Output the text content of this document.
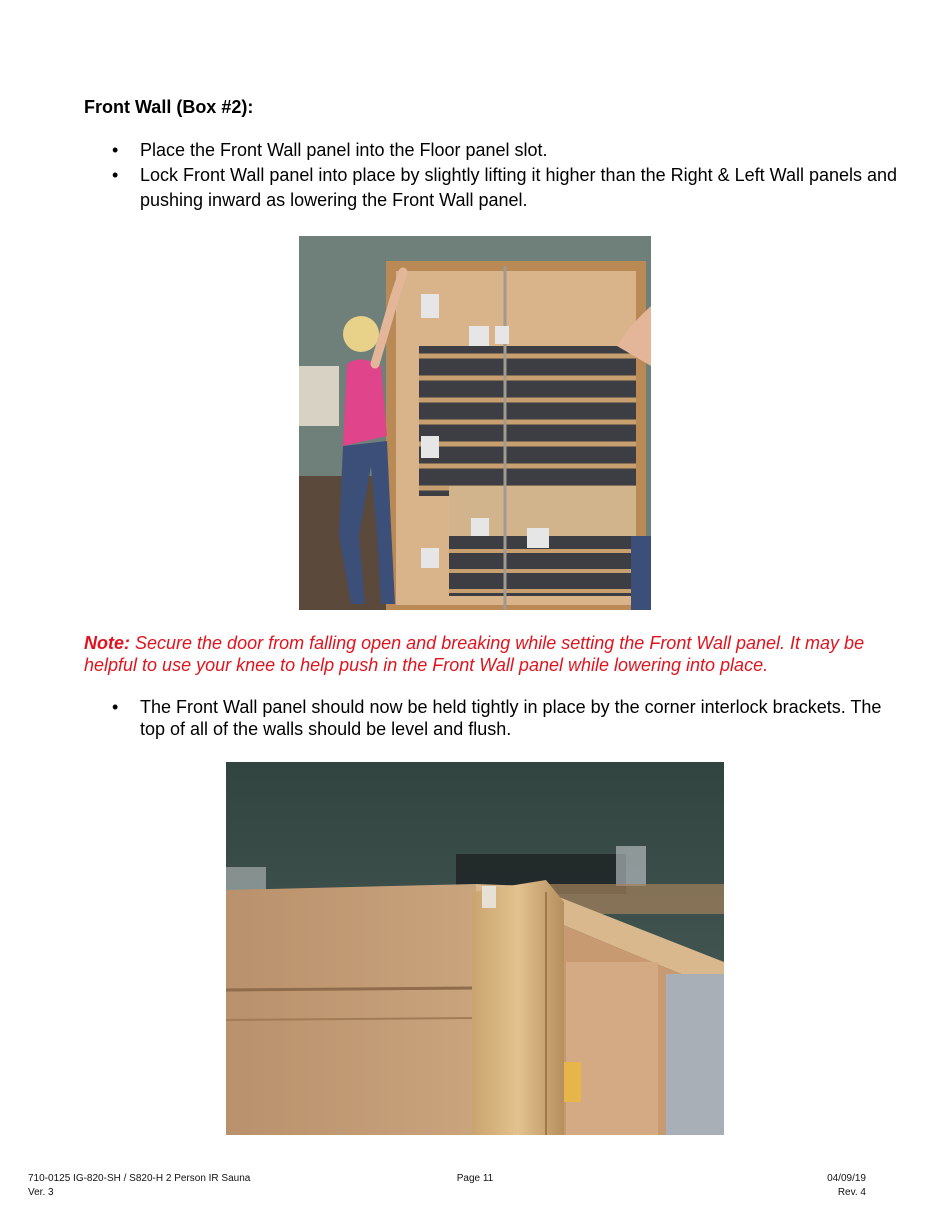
Front Wall (Box #2):
• Place the Front Wall panel into the Floor panel slot.
• Lock Front Wall panel into place by slightly lifting it higher than the Right & Left Wall panels and pushing inward as lowering the Front Wall panel.
Note: Secure the door from falling open and breaking while setting the Front Wall panel. It may be helpful to use your knee to help push in the Front Wall panel while lowering into place.
• The Front Wall panel should now be held tightly in place by the corner interlock brackets. The top of all of the walls should be level and flush.
710-0125 IG-820-SH / S820-H 2 Person IR Sauna
Ver. 3
Page 11	04/09/19
Rev. 4
